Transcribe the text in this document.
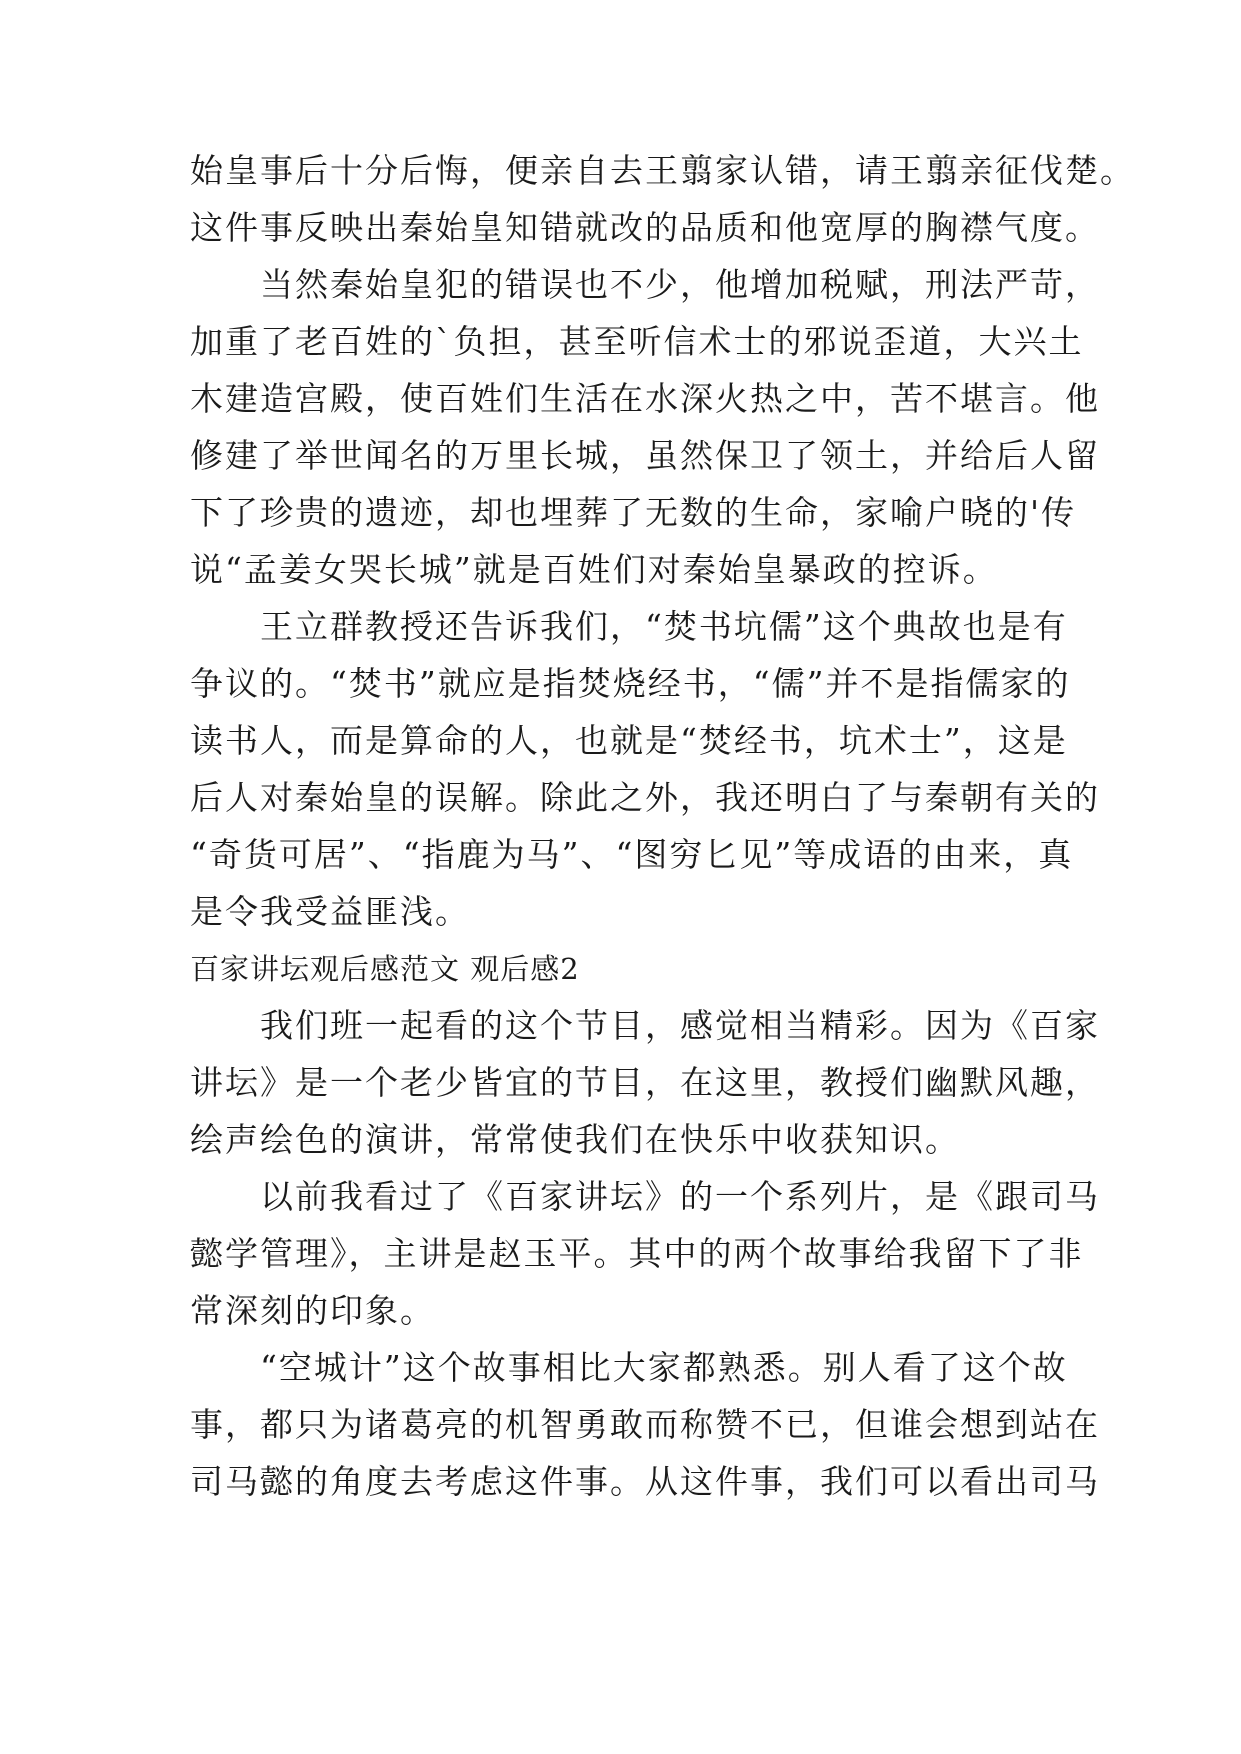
始皇事后十分后悔，便亲自去王翦家认错，请王翦亲征伐楚。
这件事反映出秦始皇知错就改的品质和他宽厚的胸襟气度。
　　当然秦始皇犯的错误也不少，他增加税赋，刑法严苛，
加重了老百姓的`负担，甚至听信术士的邪说歪道，大兴土
木建造宫殿，使百姓们生活在水深火热之中，苦不堪言。他
修建了举世闻名的万里长城，虽然保卫了领土，并给后人留
下了珍贵的遗迹，却也埋葬了无数的生命，家喻户晓的'传
说“孟姜女哭长城”就是百姓们对秦始皇暴政的控诉。
　　王立群教授还告诉我们，“焚书坑儒”这个典故也是有
争议的。“焚书”就应是指焚烧经书，“儒”并不是指儒家的
读书人，而是算命的人，也就是“焚经书，坑术士”，这是
后人对秦始皇的误解。除此之外，我还明白了与秦朝有关的
“奇货可居”、“指鹿为马”、“图穷匕见”等成语的由来，真
是令我受益匪浅。
百家讲坛观后感范文 观后感2
　　我们班一起看的这个节目，感觉相当精彩。因为《百家
讲坛》是一个老少皆宜的节目，在这里，教授们幽默风趣，
绘声绘色的演讲，常常使我们在快乐中收获知识。
　　以前我看过了《百家讲坛》的一个系列片，是《跟司马
懿学管理》，主讲是赵玉平。其中的两个故事给我留下了非
常深刻的印象。
　　“空城计”这个故事相比大家都熟悉。别人看了这个故
事，都只为诸葛亮的机智勇敢而称赞不已，但谁会想到站在
司马懿的角度去考虑这件事。从这件事，我们可以看出司马
